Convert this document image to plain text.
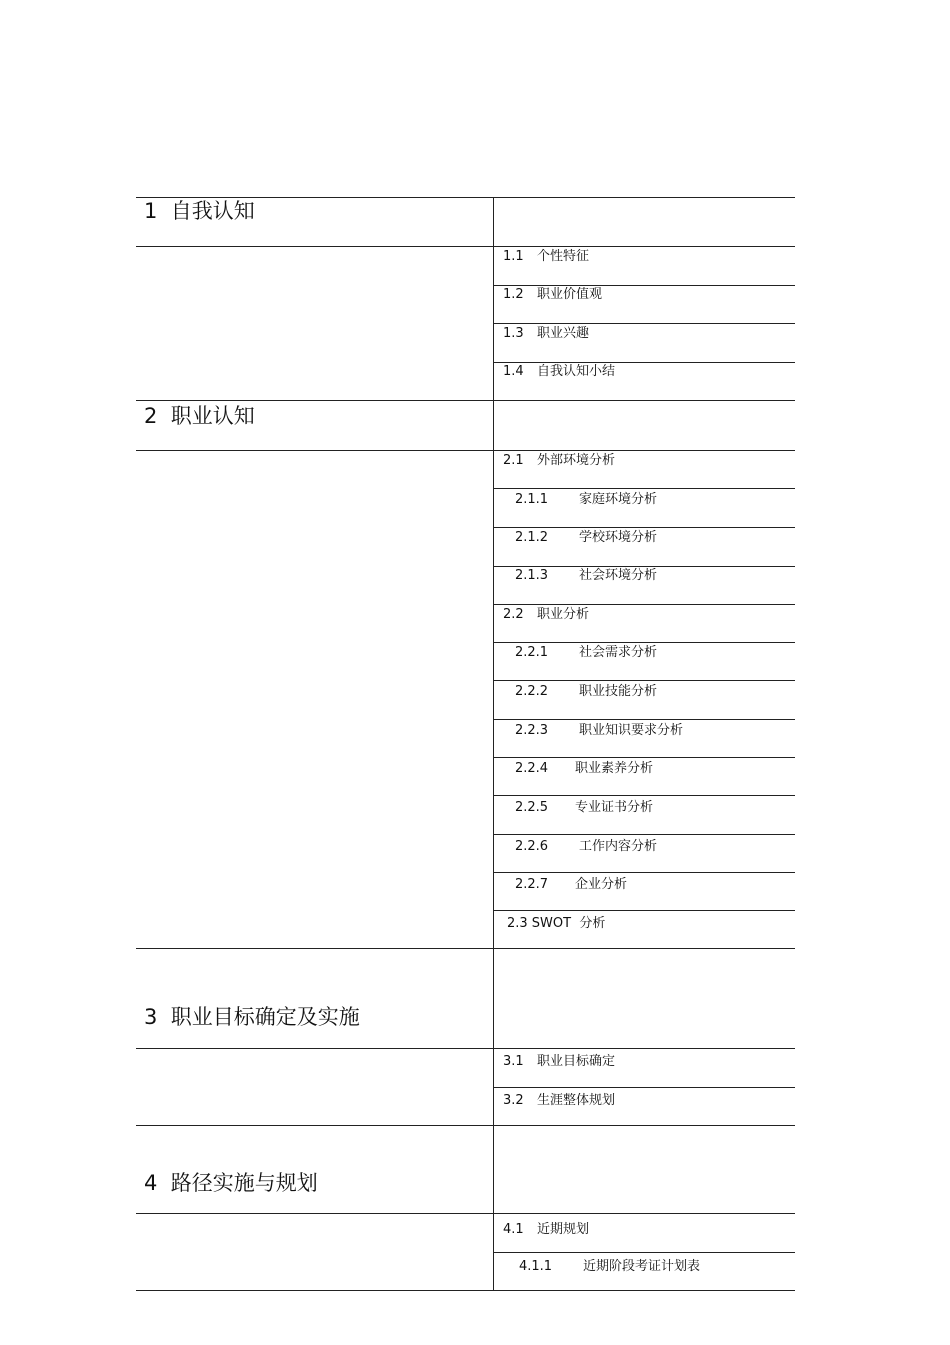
1 自我认知
1.1 个性特征
1.2 职业价值观
1.3 职业兴趣
1.4 自我认知小结
2 职业认知
2.1 外部环境分析
2.1.1 家庭环境分析
2.1.2 学校环境分析
2.1.3 社会环境分析
2.2 职业分析
2.2.1 社会需求分析
2.2.2 职业技能分析
2.2.3 职业知识要求分析
2.2.4 职业素养分析
2.2.5 专业证书分析
2.2.6 工作内容分析
2.2.7 企业分析
2.3 SWOT 分析
3 职业目标确定及实施
3.1 职业目标确定
3.2 生涯整体规划
4 路径实施与规划
4.1 近期规划
4.1.1 近期阶段考证计划表
